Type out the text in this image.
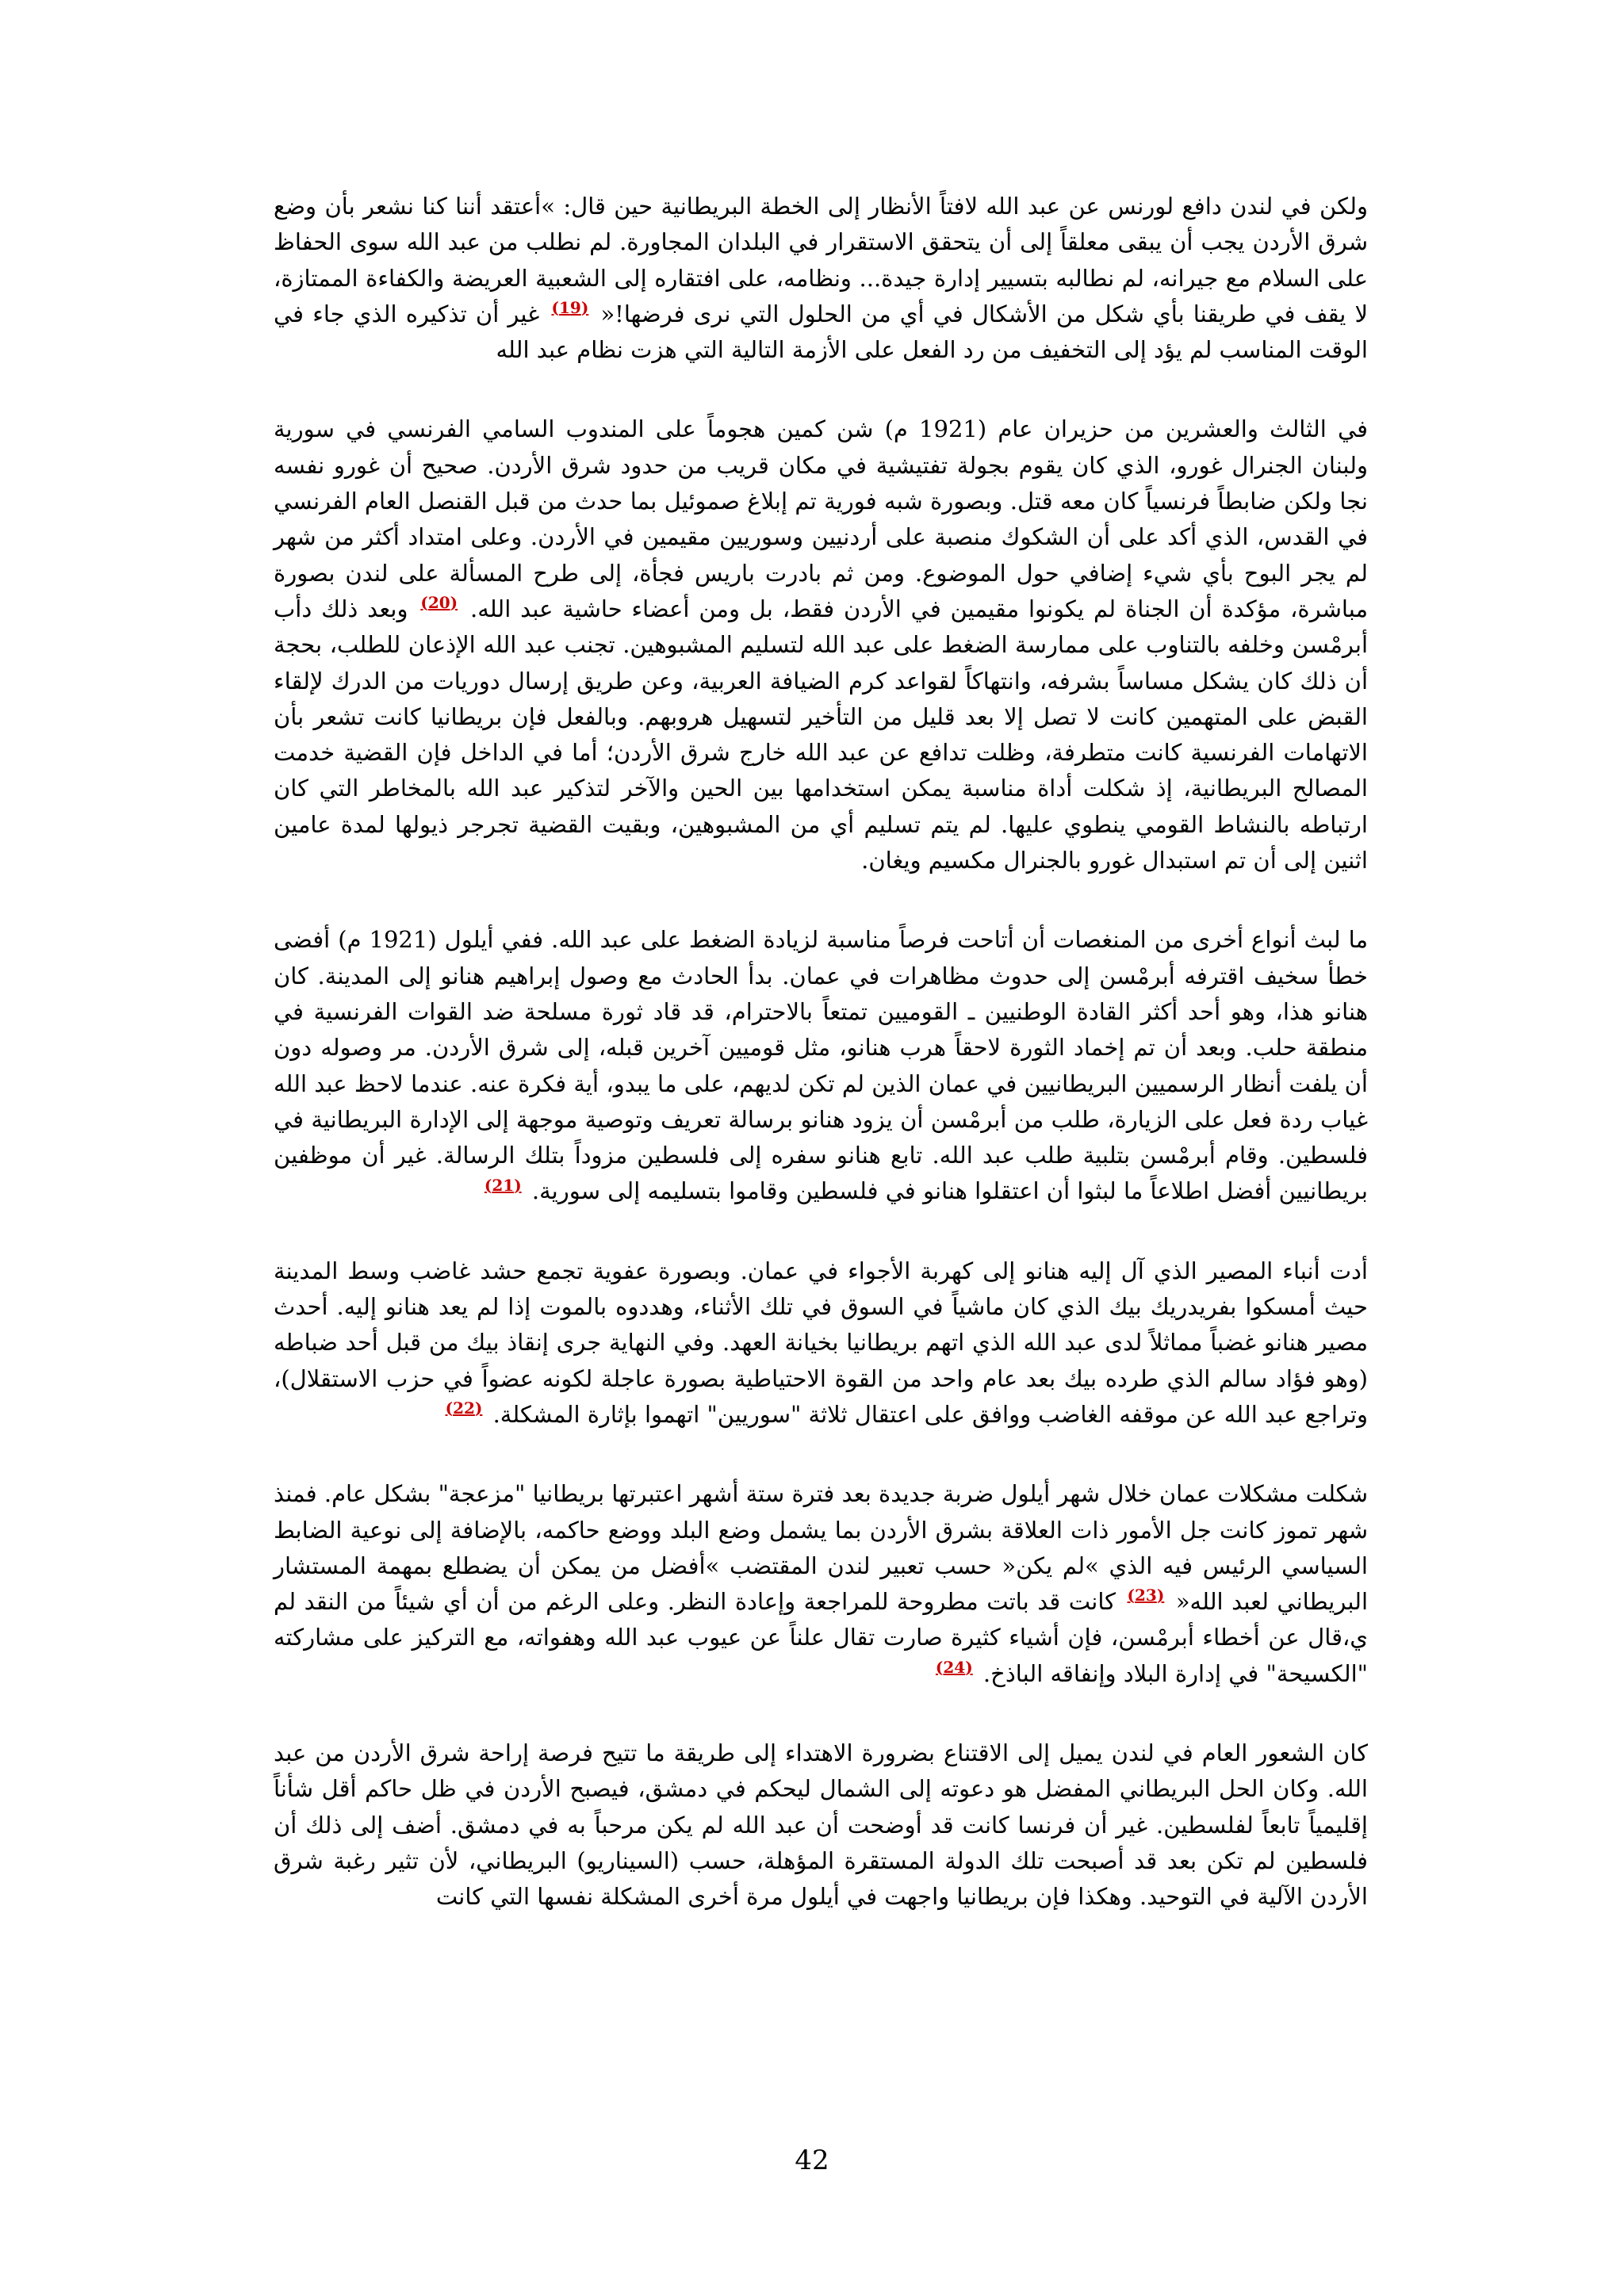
ولكن في لندن دافع لورنس عن عبد الله لافتاً الأنظار إلى الخطة البريطانية حين قال: »أعتقد أننا كنا نشعر بأن وضع شرق الأردن يجب أن يبقى معلقاً إلى أن يتحقق الاستقرار في البلدان المجاورة. لم نطلب من عبد الله سوى الحفاظ على السلام مع جيرانه، لم نطالبه بتسيير إدارة جيدة... ونظامه، على افتقاره إلى الشعبية العريضة والكفاءة الممتازة، لا يقف في طريقنا بأي شكل من الأشكال في أي من الحلول التي نرى فرضها!« $^{(19)}$ غير أن تذكيره الذي جاء في الوقت المناسب لم يؤد إلى التخفيف من رد الفعل على الأزمة التالية التي هزت نظام عبد الله

في الثالث والعشرين من حزيران عام (1921 م) شن كمين هجوماً على المندوب السامي الفرنسي في سورية ولبنان الجنرال غورو، الذي كان يقوم بجولة تفتيشية في مكان قريب من حدود شرق الأردن. صحيح أن غورو نفسه نجا ولكن ضابطاً فرنسياً كان معه قتل. وبصورة شبه فورية تم إبلاغ صموئيل بما حدث من قبل القنصل العام الفرنسي في القدس، الذي أكد على أن الشكوك منصبة على أردنيين وسوريين مقيمين في الأردن. وعلى امتداد أكثر من شهر لم يجر البوح بأي شيء إضافي حول الموضوع. ومن ثم بادرت باريس فجأة، إلى طرح المسألة على لندن بصورة مباشرة، مؤكدة أن الجناة لم يكونوا مقيمين في الأردن فقط، بل ومن أعضاء حاشية عبد الله. $^{(20)}$ وبعد ذلك دأب أبرمْسن وخلفه بالتناوب على ممارسة الضغط على عبد الله لتسليم المشبوهين. تجنب عبد الله الإذعان للطلب، بحجة أن ذلك كان يشكل مساساً بشرفه، وانتهاكاً لقواعد كرم الضيافة العربية، وعن طريق إرسال دوريات من الدرك لإلقاء القبض على المتهمين كانت لا تصل إلا بعد قليل من التأخير لتسهيل هروبهم. وبالفعل فإن بريطانيا كانت تشعر بأن الاتهامات الفرنسية كانت متطرفة، وظلت تدافع عن عبد الله خارج شرق الأردن؛ أما في الداخل فإن القضية خدمت المصالح البريطانية، إذ شكلت أداة مناسبة يمكن استخدامها بين الحين والآخر لتذكير عبد الله بالمخاطر التي كان ارتباطه بالنشاط القومي ينطوي عليها. لم يتم تسليم أي من المشبوهين، وبقيت القضية تجرجر ذيولها لمدة عامين اثنين إلى أن تم استبدال غورو بالجنرال مكسيم ويغان.

ما لبث أنواع أخرى من المنغصات أن أتاحت فرصاً مناسبة لزيادة الضغط على عبد الله. ففي أيلول (1921 م) أفضى خطأ سخيف اقترفه أبرمْسن إلى حدوث مظاهرات في عمان. بدأ الحادث مع وصول إبراهيم هنانو إلى المدينة. كان هنانو هذا، وهو أحد أكثر القادة الوطنيين ـ القوميين تمتعاً بالاحترام، قد قاد ثورة مسلحة ضد القوات الفرنسية في منطقة حلب. وبعد أن تم إخماد الثورة لاحقاً هرب هنانو، مثل قوميين آخرين قبله، إلى شرق الأردن. مر وصوله دون أن يلفت أنظار الرسميين البريطانيين في عمان الذين لم تكن لديهم، على ما يبدو، أية فكرة عنه. عندما لاحظ عبد الله غياب ردة فعل على الزيارة، طلب من أبرمْسن أن يزود هنانو برسالة تعريف وتوصية موجهة إلى الإدارة البريطانية في فلسطين. وقام أبرمْسن بتلبية طلب عبد الله. تابع هنانو سفره إلى فلسطين مزوداً بتلك الرسالة. غير أن موظفين بريطانيين أفضل اطلاعاً ما لبثوا أن اعتقلوا هنانو في فلسطين وقاموا بتسليمه إلى سورية. $^{(21)}$

أدت أنباء المصير الذي آل إليه هنانو إلى كهربة الأجواء في عمان. وبصورة عفوية تجمع حشد غاضب وسط المدينة حيث أمسكوا بفريدريك بيك الذي كان ماشياً في السوق في تلك الأثناء، وهددوه بالموت إذا لم يعد هنانو إليه. أحدث مصير هنانو غضباً مماثلاً لدى عبد الله الذي اتهم بريطانيا بخيانة العهد. وفي النهاية جرى إنقاذ بيك من قبل أحد ضباطه (وهو فؤاد سالم الذي طرده بيك بعد عام واحد من القوة الاحتياطية بصورة عاجلة لكونه عضواً في حزب الاستقلال)، وتراجع عبد الله عن موقفه الغاضب ووافق على اعتقال ثلاثة "سوريين" اتهموا بإثارة المشكلة. $^{(22)}$

شكلت مشكلات عمان خلال شهر أيلول ضربة جديدة بعد فترة ستة أشهر اعتبرتها بريطانيا "مزعجة" بشكل عام. فمنذ شهر تموز كانت جل الأمور ذات العلاقة بشرق الأردن بما يشمل وضع البلد ووضع حاكمه، بالإضافة إلى نوعية الضابط السياسي الرئيس فيه الذي »لم يكن« حسب تعبير لندن المقتضب »أفضل من يمكن أن يضطلع بمهمة المستشار البريطاني لعبد الله« $^{(23)}$ كانت قد باتت مطروحة للمراجعة وإعادة النظر. وعلى الرغم من أن أي شيئاً من النقد لم ي،قال عن أخطاء أبرمْسن، فإن أشياء كثيرة صارت تقال علناً عن عيوب عبد الله وهفواته، مع التركيز على مشاركته "الكسيحة" في إدارة البلاد وإنفاقه الباذخ. $^{(24)}$

كان الشعور العام في لندن يميل إلى الاقتناع بضرورة الاهتداء إلى طريقة ما تتيح فرصة إراحة شرق الأردن من عبد الله. وكان الحل البريطاني المفضل هو دعوته إلى الشمال ليحكم في دمشق، فيصبح الأردن في ظل حاكم أقل شأناً إقليمياً تابعاً لفلسطين. غير أن فرنسا كانت قد أوضحت أن عبد الله لم يكن مرحباً به في دمشق. أضف إلى ذلك أن فلسطين لم تكن بعد قد أصبحت تلك الدولة المستقرة المؤهلة، حسب (السيناريو) البريطاني، لأن تثير رغبة شرق الأردن الآلية في التوحيد. وهكذا فإن بريطانيا واجهت في أيلول مرة أخرى المشكلة نفسها التي كانت

42
